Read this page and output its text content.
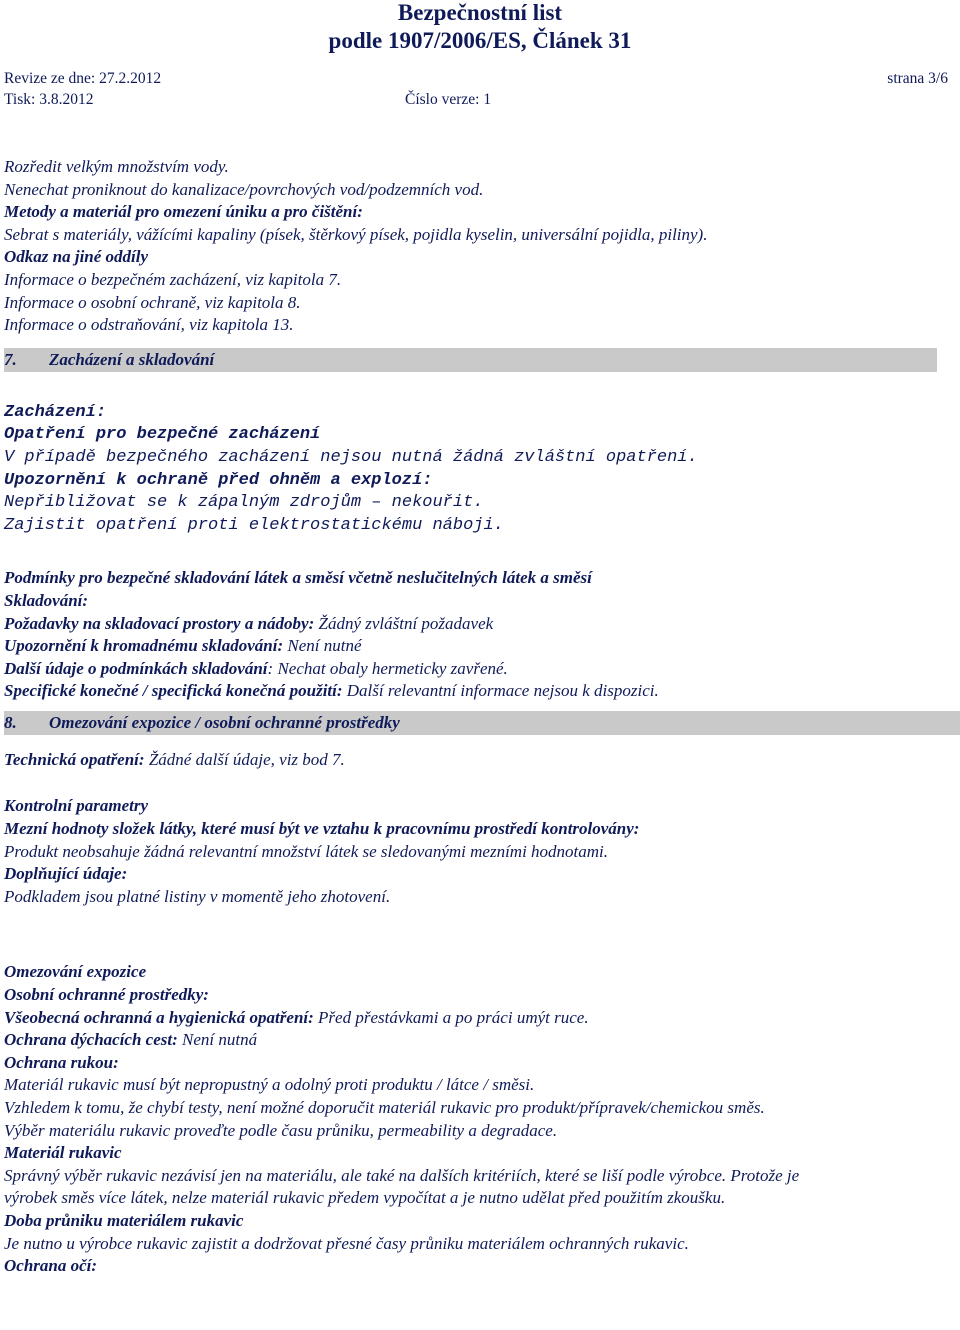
Bezpečnostní list
podle 1907/2006/ES, Článek 31
Revize ze dne: 27.2.2012	strana 3/6
Tisk: 3.8.2012	Číslo verze: 1
Rozředit velkým množstvím vody.
Nenechat proniknout do kanalizace/povrchových vod/podzemních vod.
Metody a materiál pro omezení úniku a pro čištění:
Sebrat s materiály, vážícími kapaliny (písek, štěrkový písek, pojidla kyselin, universální pojidla, piliny).
Odkaz na jiné oddíly
Informace o bezpečném zacházení, viz kapitola 7.
Informace o osobní ochraně, viz kapitola 8.
Informace o odstraňování, viz kapitola 13.
7. Zacházení a skladování
Zacházení:
Opatření pro bezpečné zacházení
V případě bezpečného zacházení nejsou nutná žádná zvláštní opatření.
Upozornění k ochraně před ohněm a explozí:
Nepřibližovat se k zápalným zdrojům – nekouřit.
Zajistit opatření proti elektrostatickému náboji.
Podmínky pro bezpečné skladování látek a směsí včetně neslučitelných látek a směsí
Skladování:
Požadavky na skladovací prostory a nádoby: Žádný zvláštní požadavek
Upozornění k hromadnému skladování: Není nutné
Další údaje o podmínkách skladování: Nechat obaly hermeticky zavřené.
Specifické konečné / specifická konečná použití: Další relevantní informace nejsou k dispozici.
8. Omezování expozice / osobní ochranné prostředky
Technická opatření: Žádné další údaje, viz bod 7.
Kontrolní parametry
Mezní hodnoty složek látky, které musí být ve vztahu k pracovnímu prostředí kontrolovány:
Produkt neobsahuje žádná relevantní množství látek se sledovanými mezními hodnotami.
Doplňující údaje:
Podkladem jsou platné listiny v momentě jeho zhotovení.
Omezování expozice
Osobní ochranné prostředky:
Všeobecná ochranná a hygienická opatření: Před přestávkami a po práci umýt ruce.
Ochrana dýchacích cest: Není nutná
Ochrana rukou:
Materiál rukavic musí být nepropustný a odolný proti produktu / látce / směsi.
Vzhledem k tomu, že chybí testy, není možné doporučit materiál rukavic pro produkt/přípravek/chemickou směs.
Výběr materiálu rukavic proveďte podle času průniku, permeability a degradace.
Materiál rukavic
Správný výběr rukavic nezávisí jen na materiálu, ale také na dalších kritériích, které se liší podle výrobce. Protože je
výrobek směs více látek, nelze materiál rukavic předem vypočítat a je nutno udělat před použitím zkoušku.
Doba průniku materiálem rukavic
Je nutno u výrobce rukavic zajistit a dodržovat přesné časy průniku materiálem ochranných rukavic.
Ochrana očí:
